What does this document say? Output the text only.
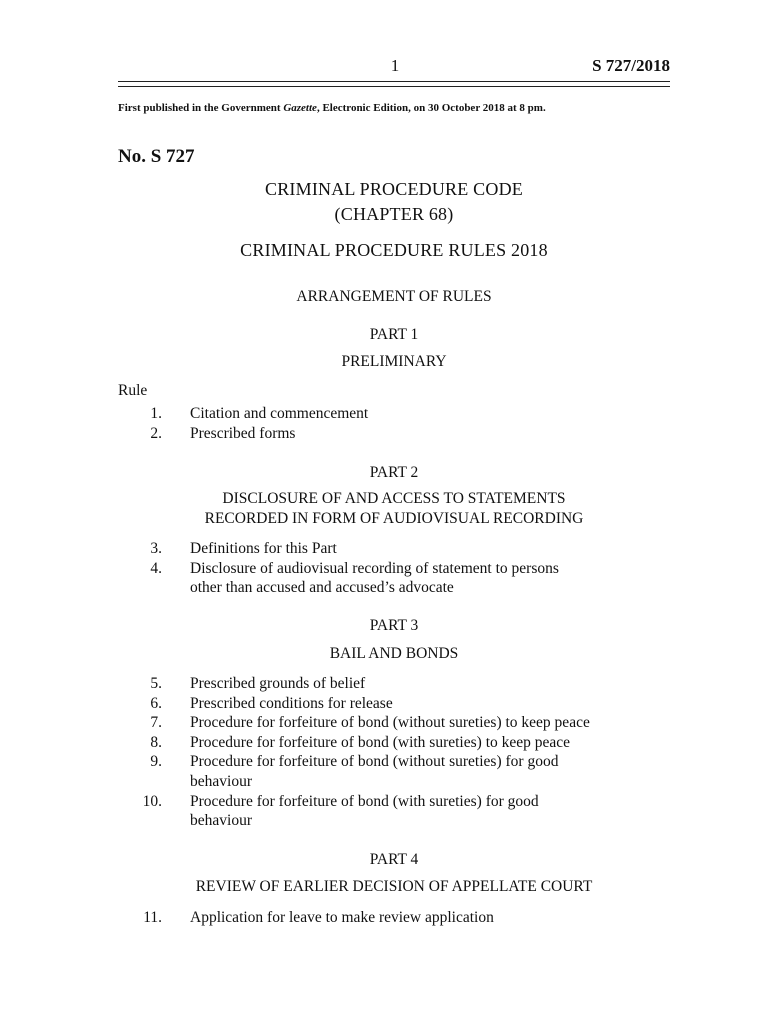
1	S 727/2018
First published in the Government Gazette, Electronic Edition, on 30 October 2018 at 8 pm.
No. S 727
CRIMINAL PROCEDURE CODE
(CHAPTER 68)
CRIMINAL PROCEDURE RULES 2018
ARRANGEMENT OF RULES
PART 1
PRELIMINARY
Rule
1. Citation and commencement
2. Prescribed forms
PART 2
DISCLOSURE OF AND ACCESS TO STATEMENTS
RECORDED IN FORM OF AUDIOVISUAL RECORDING
3. Definitions for this Part
4. Disclosure of audiovisual recording of statement to persons
other than accused and accused’s advocate
PART 3
BAIL AND BONDS
5. Prescribed grounds of belief
6. Prescribed conditions for release
7. Procedure for forfeiture of bond (without sureties) to keep peace
8. Procedure for forfeiture of bond (with sureties) to keep peace
9. Procedure for forfeiture of bond (without sureties) for good
behaviour
10. Procedure for forfeiture of bond (with sureties) for good
behaviour
PART 4
REVIEW OF EARLIER DECISION OF APPELLATE COURT
11. Application for leave to make review application
